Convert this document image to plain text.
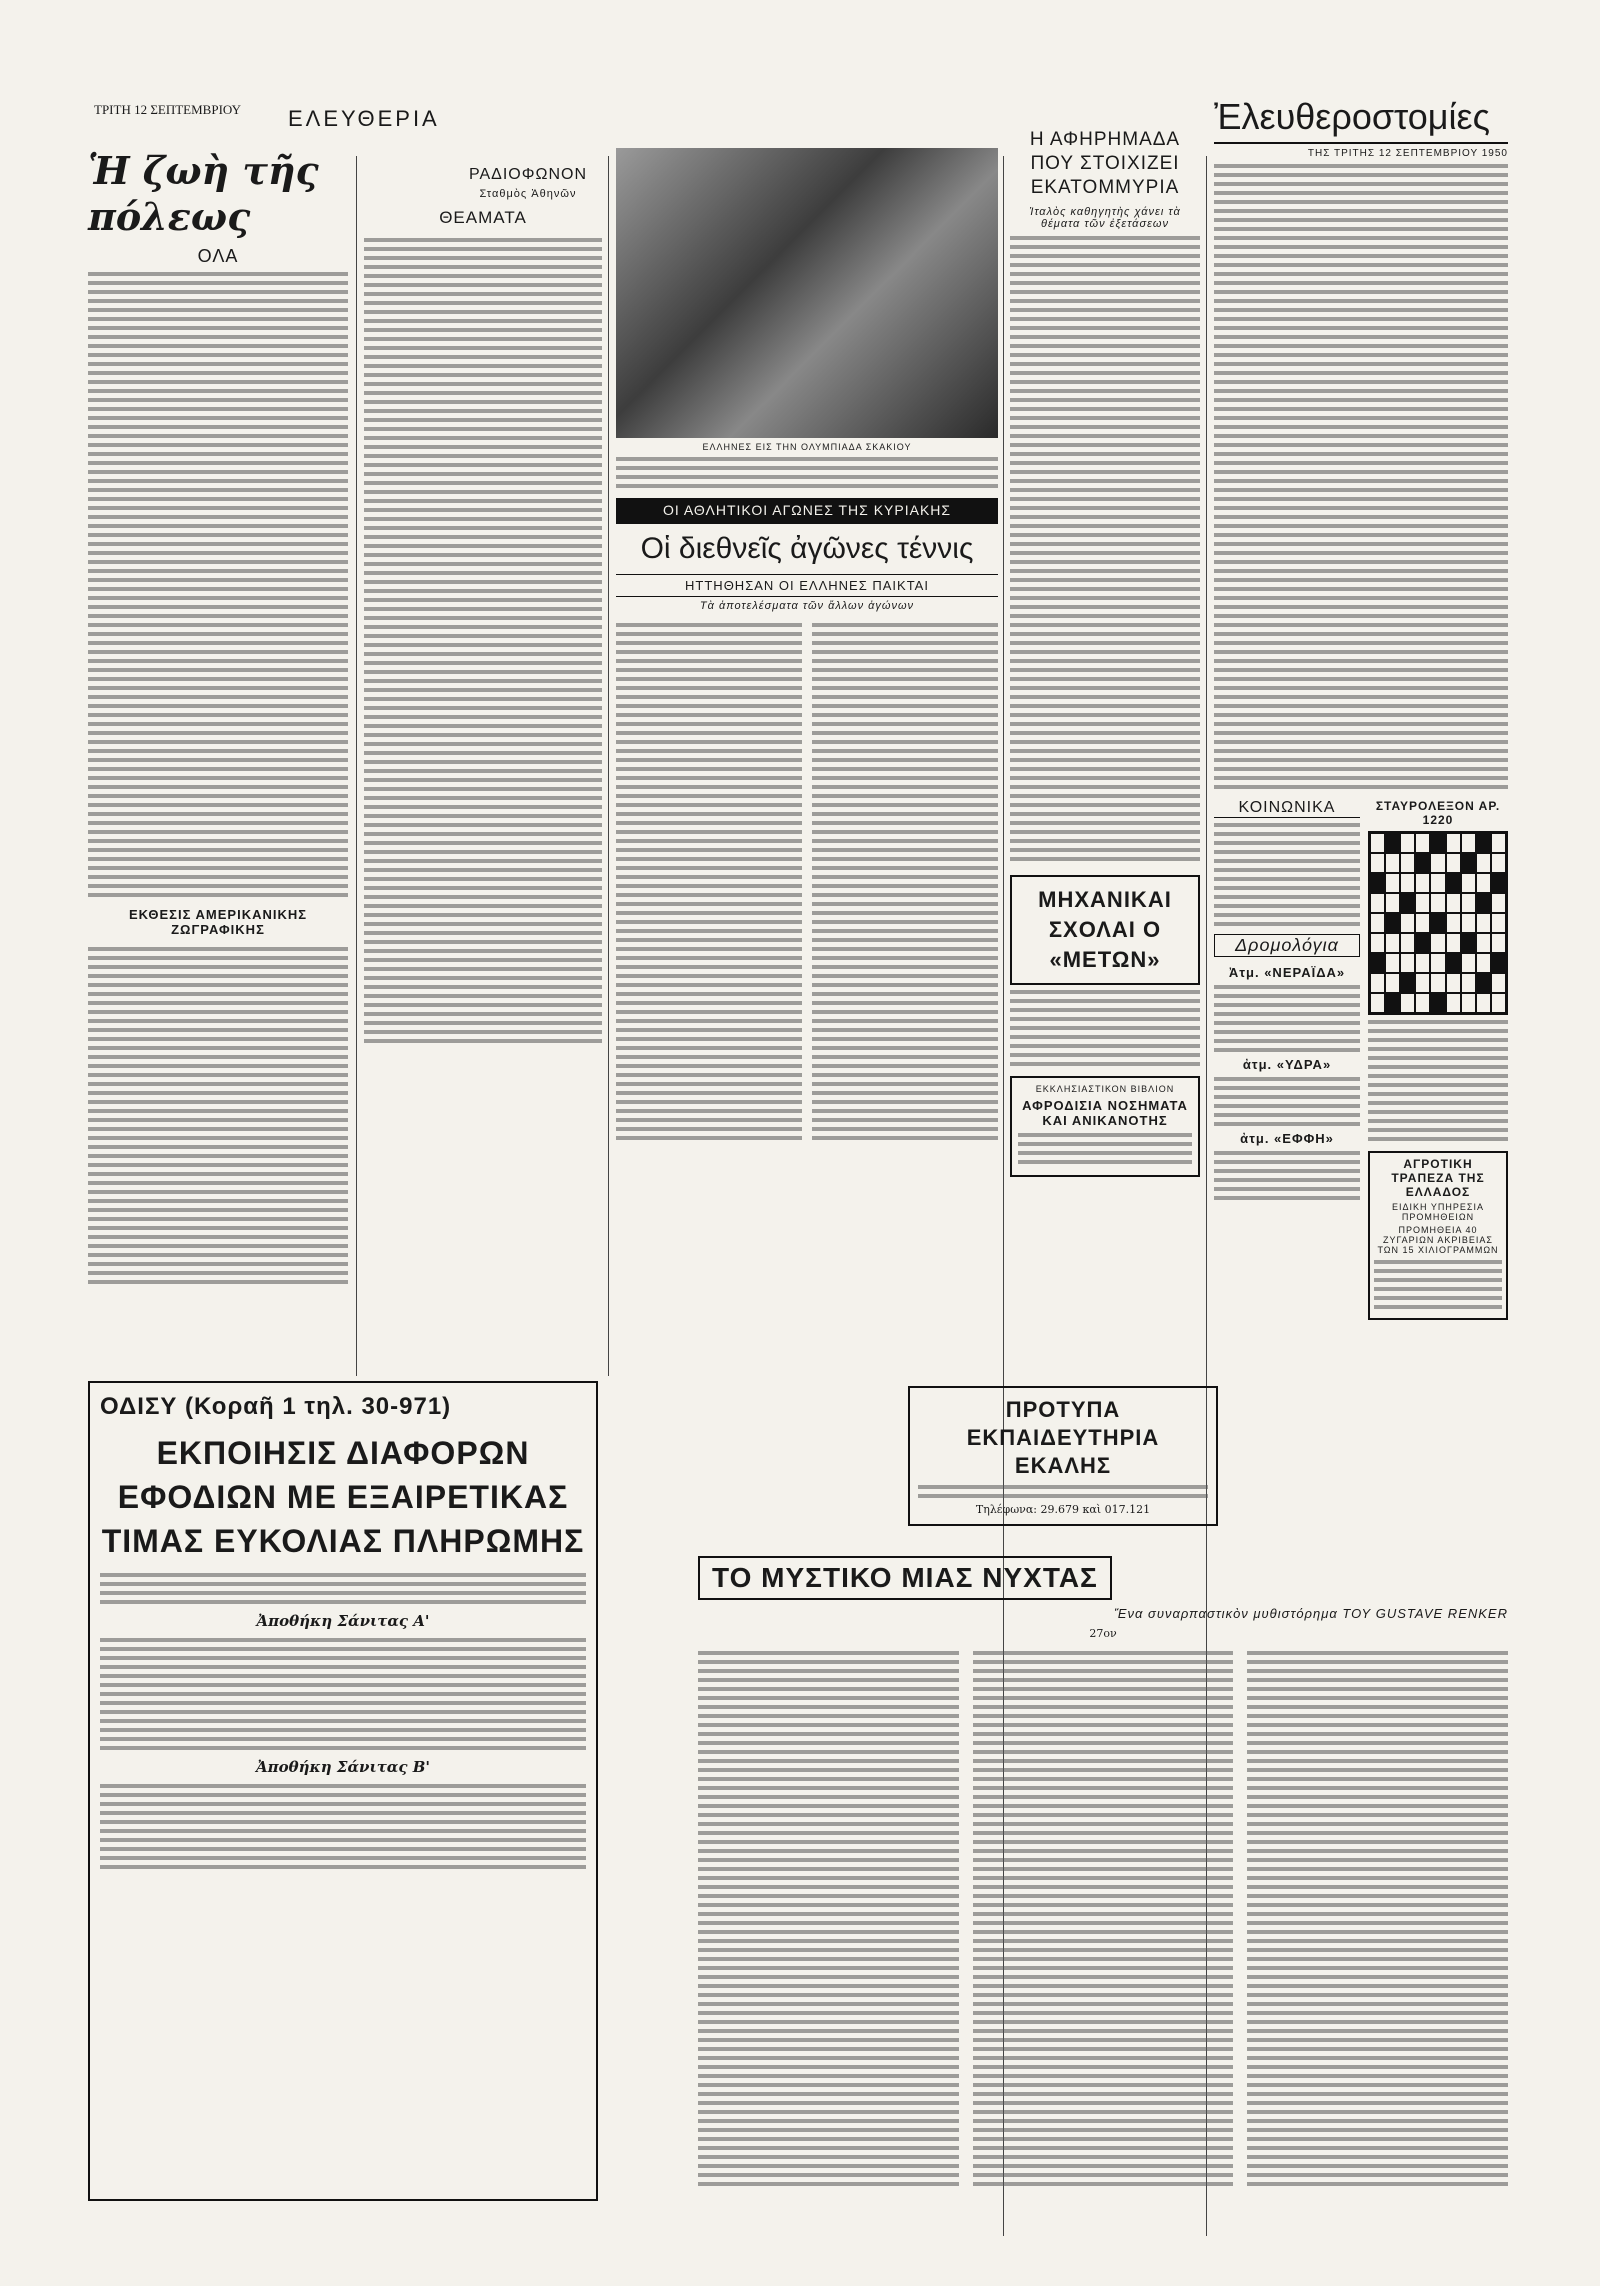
ΤΡΙΤΗ 12 ΣΕΠΤΕΜΒΡΙΟΥ	ΕΛΕΥΘΕΡΙΑ
Ἡ ζωὴ τῆς πόλεως
ΟΛΑ
ΕΚΘΕΣΙΣ ΑΜΕΡΙΚΑΝΙΚΗΣ ΖΩΓΡΑΦΙΚΗΣ
ΘΕΑΜΑΤΑ
ΡΑΔΙΟΦΩΝΟΝ
Σταθμὸς Ἀθηνῶν
ΕΛΛΗΝΕΣ ΕΙΣ ΤΗΝ ΟΛΥΜΠΙΑΔΑ ΣΚΑΚΙΟΥ
ΟΙ ΑΘΛΗΤΙΚΟΙ ΑΓΩΝΕΣ ΤΗΣ ΚΥΡΙΑΚΗΣ
Οἱ διεθνεῖς ἀγῶνες τέννις
ΗΤΤΗΘΗΣΑΝ ΟΙ ΕΛΛΗΝΕΣ ΠΑΙΚΤΑΙ
Τὰ ἀποτελέσματα τῶν ἄλλων ἀγώνων
Η ΑΦΗΡΗΜΑΔΑ ΠΟΥ ΣΤΟΙΧΙΖΕΙ ΕΚΑΤΟΜΜΥΡΙΑ
Ἰταλὸς καθηγητὴς χάνει τὰ θέματα τῶν ἐξετάσεων
ΜΗΧΑΝΙΚΑΙ ΣΧΟΛΑΙ Ο «ΜΕΤΩΝ»
ΕΚΚΛΗΣΙΑΣΤΙΚΟΝ ΒΙΒΛΙΟΝ
ΑΦΡΟΔΙΣΙΑ ΝΟΣΗΜΑΤΑ ΚΑΙ ΑΝΙΚΑΝΟΤΗΣ
ΠΡΟΤΥΠΑ ΕΚΠΑΙΔΕΥΤΗΡΙΑ ΕΚΑΛΗΣ
Τηλέφωνα: 29.679 καὶ 017.121
Ἐλευθεροστομίες
ΤΗΣ ΤΡΙΤΗΣ 12 ΣΕΠΤΕΜΒΡΙΟΥ 1950
ΚΟΙΝΩΝΙΚΑ
Δρομολόγια
Ἀτμ. «ΝΕΡΑΪΔΑ»
ἀτμ. «ΥΔΡΑ»
ἀτμ. «ΕΦΦΗ»
ΣΤΑΥΡΟΛΕΞΟΝ ΑΡ. 1220
ΑΓΡΟΤΙΚΗ ΤΡΑΠΕΖΑ ΤΗΣ ΕΛΛΑΔΟΣ
ΕΙΔΙΚΗ ΥΠΗΡΕΣΙΑ ΠΡΟΜΗΘΕΙΩΝ
ΠΡΟΜΗΘΕΙΑ 40 ΖΥΓΑΡΙΩΝ ΑΚΡΙΒΕΙΑΣ ΤΩΝ 15 ΧΙΛΙΟΓΡΑΜΜΩΝ
ΟΔΙΣΥ (Κοραῆ 1 τηλ. 30-971)
ΕΚΠΟΙΗΣΙΣ ΔΙΑΦΟΡΩΝ ΕΦΟΔΙΩΝ ΜΕ ΕΞΑΙΡΕΤΙΚΑΣ ΤΙΜΑΣ ΕΥΚΟΛΙΑΣ ΠΛΗΡΩΜΗΣ
Ἀποθήκη Σάνιτας Α'
Ἀποθήκη Σάνιτας Β'
ΤΟ ΜΥΣΤΙΚΟ ΜΙΑΣ ΝΥΧΤΑΣ
Ἕνα συναρπαστικὸν μυθιστόρημα ΤΟΥ GUSTAVE RENKER
27ον
